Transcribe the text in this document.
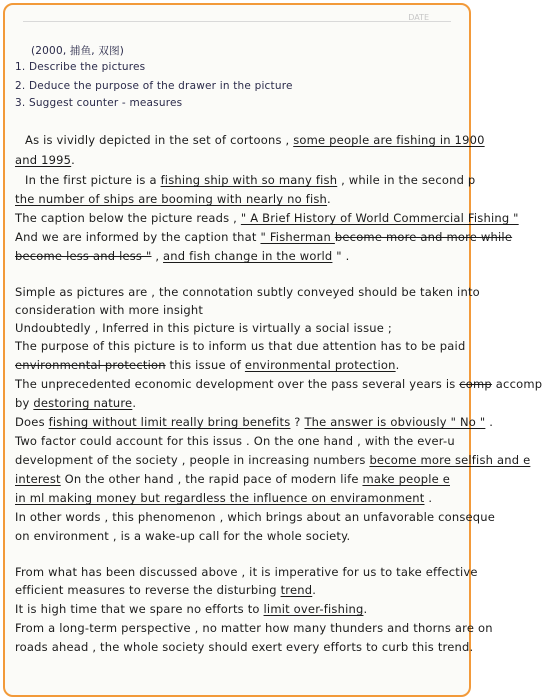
DATE
(2000, 捕鱼, 双图)
1. Describe the pictures
2. Deduce the purpose of the drawer in the picture
3. Suggest counter - measures
As is vividly depicted in the set of cortoons , some people are fishing in 1900
and 1995.
In the first picture is a fishing ship with so many fish , while in the second p
the number of ships are booming with nearly no fish.
The caption below the picture reads , " A Brief History of World Commercial Fishing "
And we are informed by the caption that " Fisherman become more and more while
become less and less " , and fish change in the world " .
Simple as pictures are , the connotation subtly conveyed should be taken into
consideration with more insight
Undoubtedly , Inferred in this picture is virtually a social issue ;
The purpose of this picture is to inform us that due attention has to be paid
environmental protection this issue of environmental protection.
The unprecedented economic development over the pass several years is comp accomp
by destoring nature.
Does fishing without limit really bring benefits ? The answer is obviously " No " .
Two factor could account for this issus . On the one hand , with the ever-u
development of the society , people in increasing numbers become more selfish and e
interest On the other hand , the rapid pace of modern life make people e
in ml making money but regardless the influence on enviramonment .
In other words , this phenomenon , which brings about an unfavorable conseque
on environment , is a wake-up call for the whole society.
From what has been discussed above , it is imperative for us to take effective
efficient measures to reverse the disturbing trend.
It is high time that we spare no efforts to limit over-fishing.
From a long-term perspective , no matter how many thunders and thorns are on
roads ahead , the whole society should exert every efforts to curb this trend.
